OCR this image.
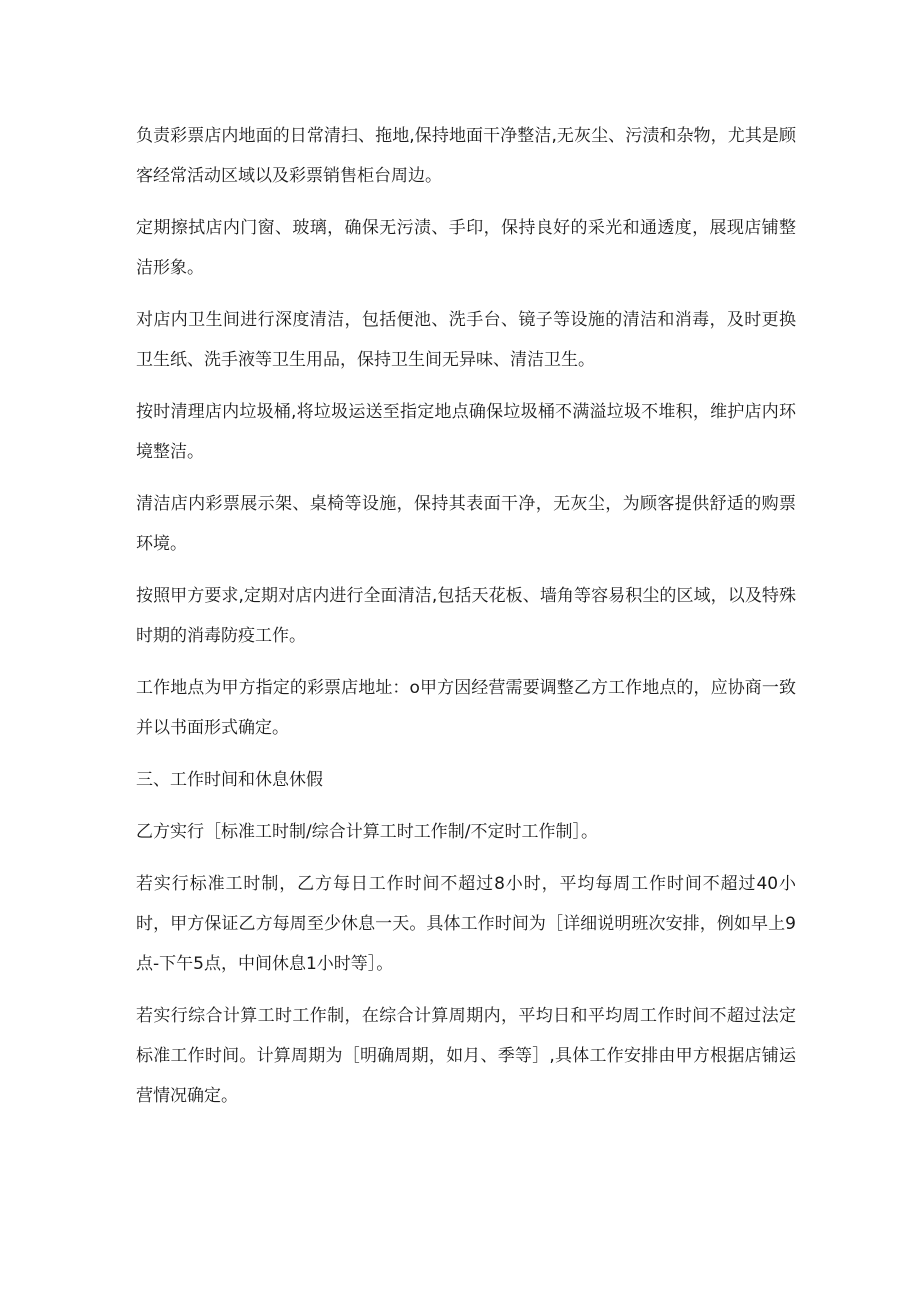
负责彩票店内地面的日常清扫、拖地,保持地面干净整洁,无灰尘、污渍和杂物，尤其是顾客经常活动区域以及彩票销售柜台周边。

定期擦拭店内门窗、玻璃，确保无污渍、手印，保持良好的采光和通透度，展现店铺整洁形象。

对店内卫生间进行深度清洁，包括便池、洗手台、镜子等设施的清洁和消毒，及时更换卫生纸、洗手液等卫生用品，保持卫生间无异味、清洁卫生。

按时清理店内垃圾桶,将垃圾运送至指定地点确保垃圾桶不满溢垃圾不堆积，维护店内环境整洁。

清洁店内彩票展示架、桌椅等设施，保持其表面干净，无灰尘，为顾客提供舒适的购票环境。

按照甲方要求,定期对店内进行全面清洁,包括天花板、墙角等容易积尘的区域，以及特殊时期的消毒防疫工作。

工作地点为甲方指定的彩票店地址：o甲方因经营需要调整乙方工作地点的，应协商一致并以书面形式确定。

三、工作时间和休息休假

乙方实行［标准工时制/综合计算工时工作制/不定时工作制］。

若实行标准工时制，乙方每日工作时间不超过8小时，平均每周工作时间不超过40小时，甲方保证乙方每周至少休息一天。具体工作时间为［详细说明班次安排，例如早上9点-下午5点，中间休息1小时等］。

若实行综合计算工时工作制，在综合计算周期内，平均日和平均周工作时间不超过法定标准工作时间。计算周期为［明确周期，如月、季等］,具体工作安排由甲方根据店铺运营情况确定。
